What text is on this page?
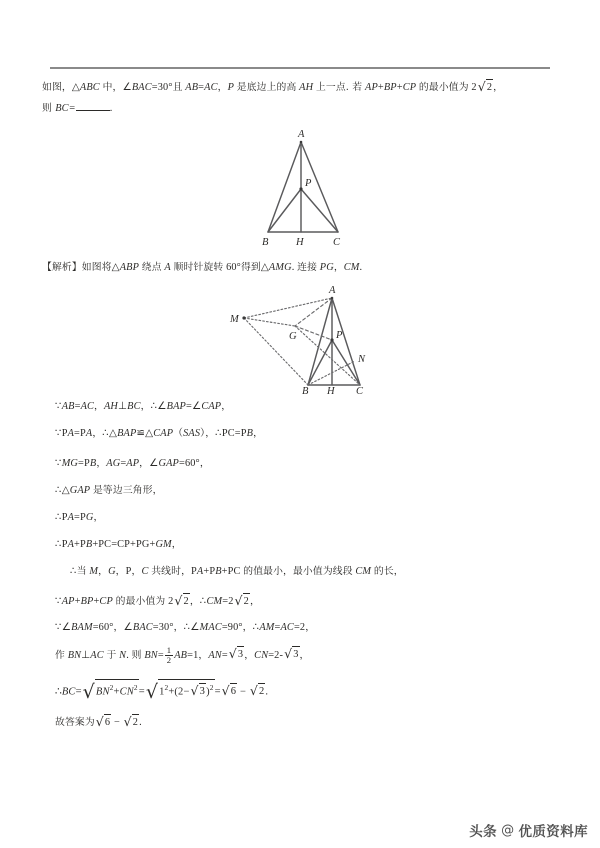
如图，△ABC 中，∠BAC=30°且 AB=AC，P 是底边上的高 AH 上一点. 若 AP+BP+CP 的最小值为 2√2，
则 BC=	.
A
P
B	H	C
【解析】如图将△ABP 绕点 A 顺时针旋转 60°得到△AMG. 连接 PG，CM.
A
M
G	P
N
B H C
∵AB=AC，AH⊥BC，∴∠BAP=∠CAP，
∵PA=PA，∴△BAP≌△CAP（SAS），∴PC=PB，
∵MG=PB，AG=AP，∠GAP=60°，
∴△GAP 是等边三角形，
∴PA=PG，
∴PA+PB+PC=CP+PG+GM，
∴当 M，G，P，C 共线时，PA+PB+PC 的值最小，最小值为线段 CM 的长，
∵AP+BP+CP 的最小值为 2√2，∴CM=2√2，
∵∠BAM=60°，∠BAC=30°，∴∠MAC=90°，∴AM=AC=2，
作 BN⊥AC 于 N. 则 $BN= \frac{1}{2} AB=1$，AN=√3，CN=2-√3，
$\therefore BC=√BN^2+CN^2=√1^2+(2-√3)^2=√6 - √2$.
故答案为√6 − √2.
头条 @ 优质资料库
